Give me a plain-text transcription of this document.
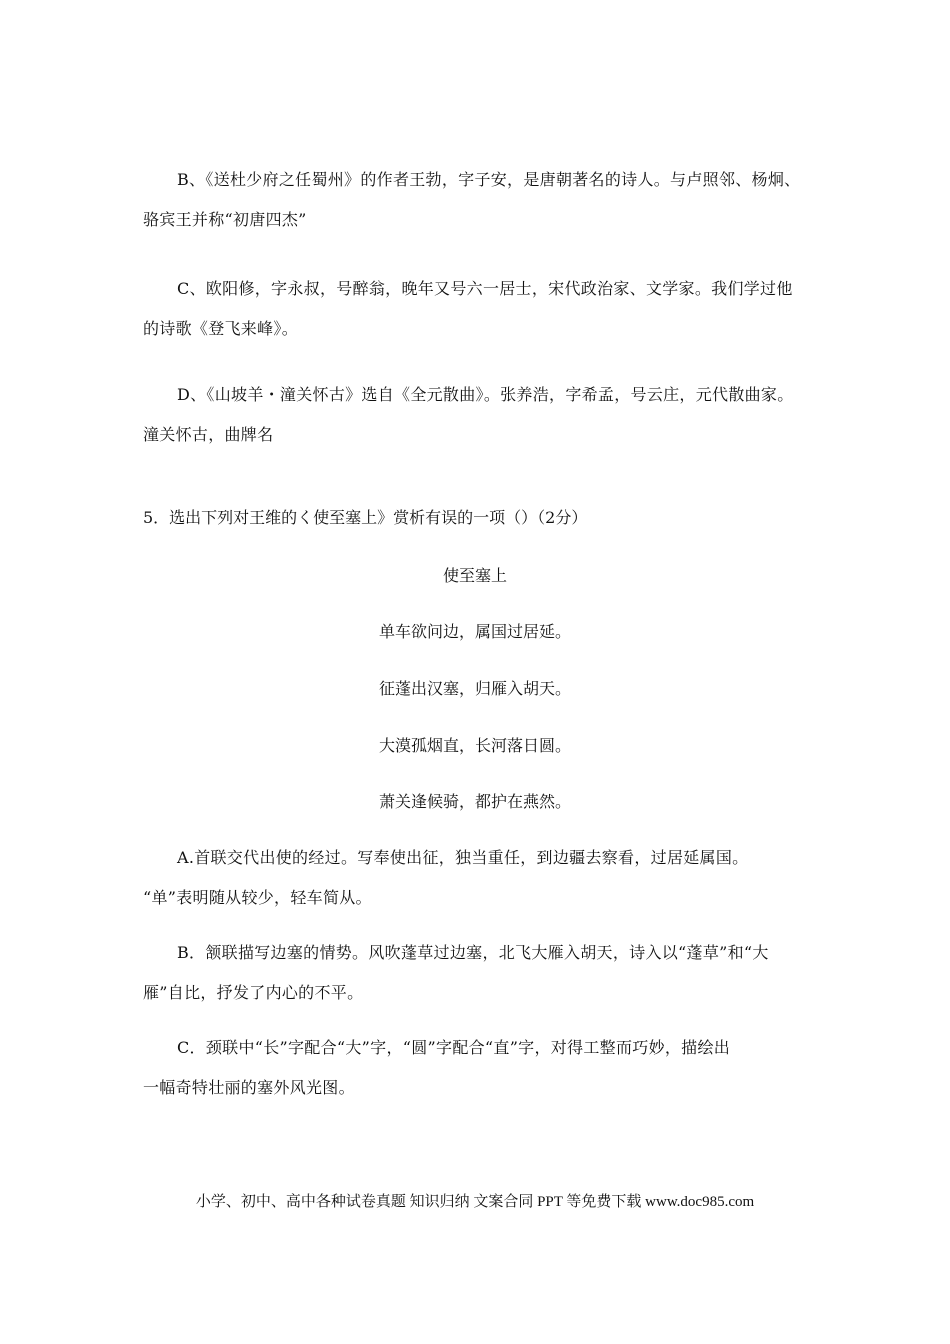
B、《送杜少府之任蜀州》的作者王勃，字子安，是唐朝著名的诗人。与卢照邻、杨炯、
骆宾王并称“初唐四杰”
C、欧阳修，字永叔，号醉翁，晚年又号六一居士，宋代政治家、文学家。我们学过他
的诗歌《登飞来峰》。
D、《山坡羊・潼关怀古》选自《全元散曲》。张养浩，字希孟，号云庄，元代散曲家。
潼关怀古，曲牌名

5．选出下列对王维的く使至塞上》赏析有误的一项（）（2分）

使至塞上

单车欲问边，属国过居延。

征蓬出汉塞，归雁入胡天。

大漠孤烟直，长河落日圆。

萧关逢候骑，都护在燕然。

A.首联交代出使的经过。写奉使出征，独当重任，到边疆去察看，过居延属国。
“单”表明随从较少，轻车简从。
B．颔联描写边塞的情势。风吹蓬草过边塞，北飞大雁入胡天，诗入以“蓬草”和“大
雁”自比，抒发了内心的不平。
C．颈联中“长”字配合“大”字，“圆”字配合“直”字，对得工整而巧妙，描绘出
一幅奇特壮丽的塞外风光图。
小学、初中、高中各种试卷真题 知识归纳 文案合同 PPT 等免费下载 www.doc985.com
